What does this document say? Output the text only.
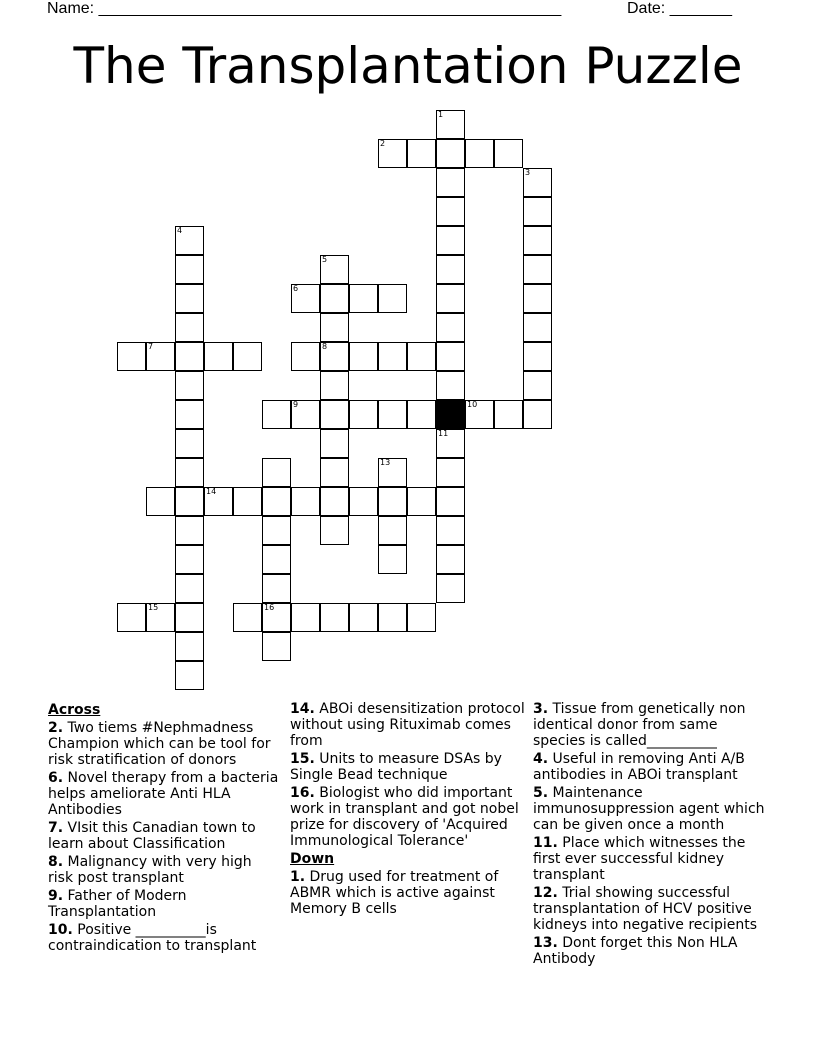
Name: ____________________________________________________	Date: _______
The Transplantation Puzzle
1
2
3
4
5
8
6
7
9	10
11
16
13
14
15
Across
2. Two tiems #Nephmadness Champion which can be tool for risk stratification of donors
6. Novel therapy from a bacteria helps ameliorate Anti HLA Antibodies
7. VIsit this Canadian town to learn about Classification
8. Malignancy with very high risk post transplant
9. Father of Modern Transplantation
10. Positive __________is contraindication to transplant
14. ABOi desensitization protocol without using Rituximab comes from
15. Units to measure DSAs by Single Bead technique
16. Biologist who did important work in transplant and got nobel prize for discovery of 'Acquired Immunological Tolerance'
Down
1. Drug used for treatment of ABMR which is active against Memory B cells
3. Tissue from genetically non identical donor from same species is called__________
4. Useful in removing Anti A/B antibodies in ABOi transplant
5. Maintenance immunosuppression agent which can be given once a month
11. Place which witnesses the first ever successful kidney transplant
12. Trial showing successful transplantation of HCV positive kidneys into negative recipients
13. Dont forget this Non HLA Antibody
